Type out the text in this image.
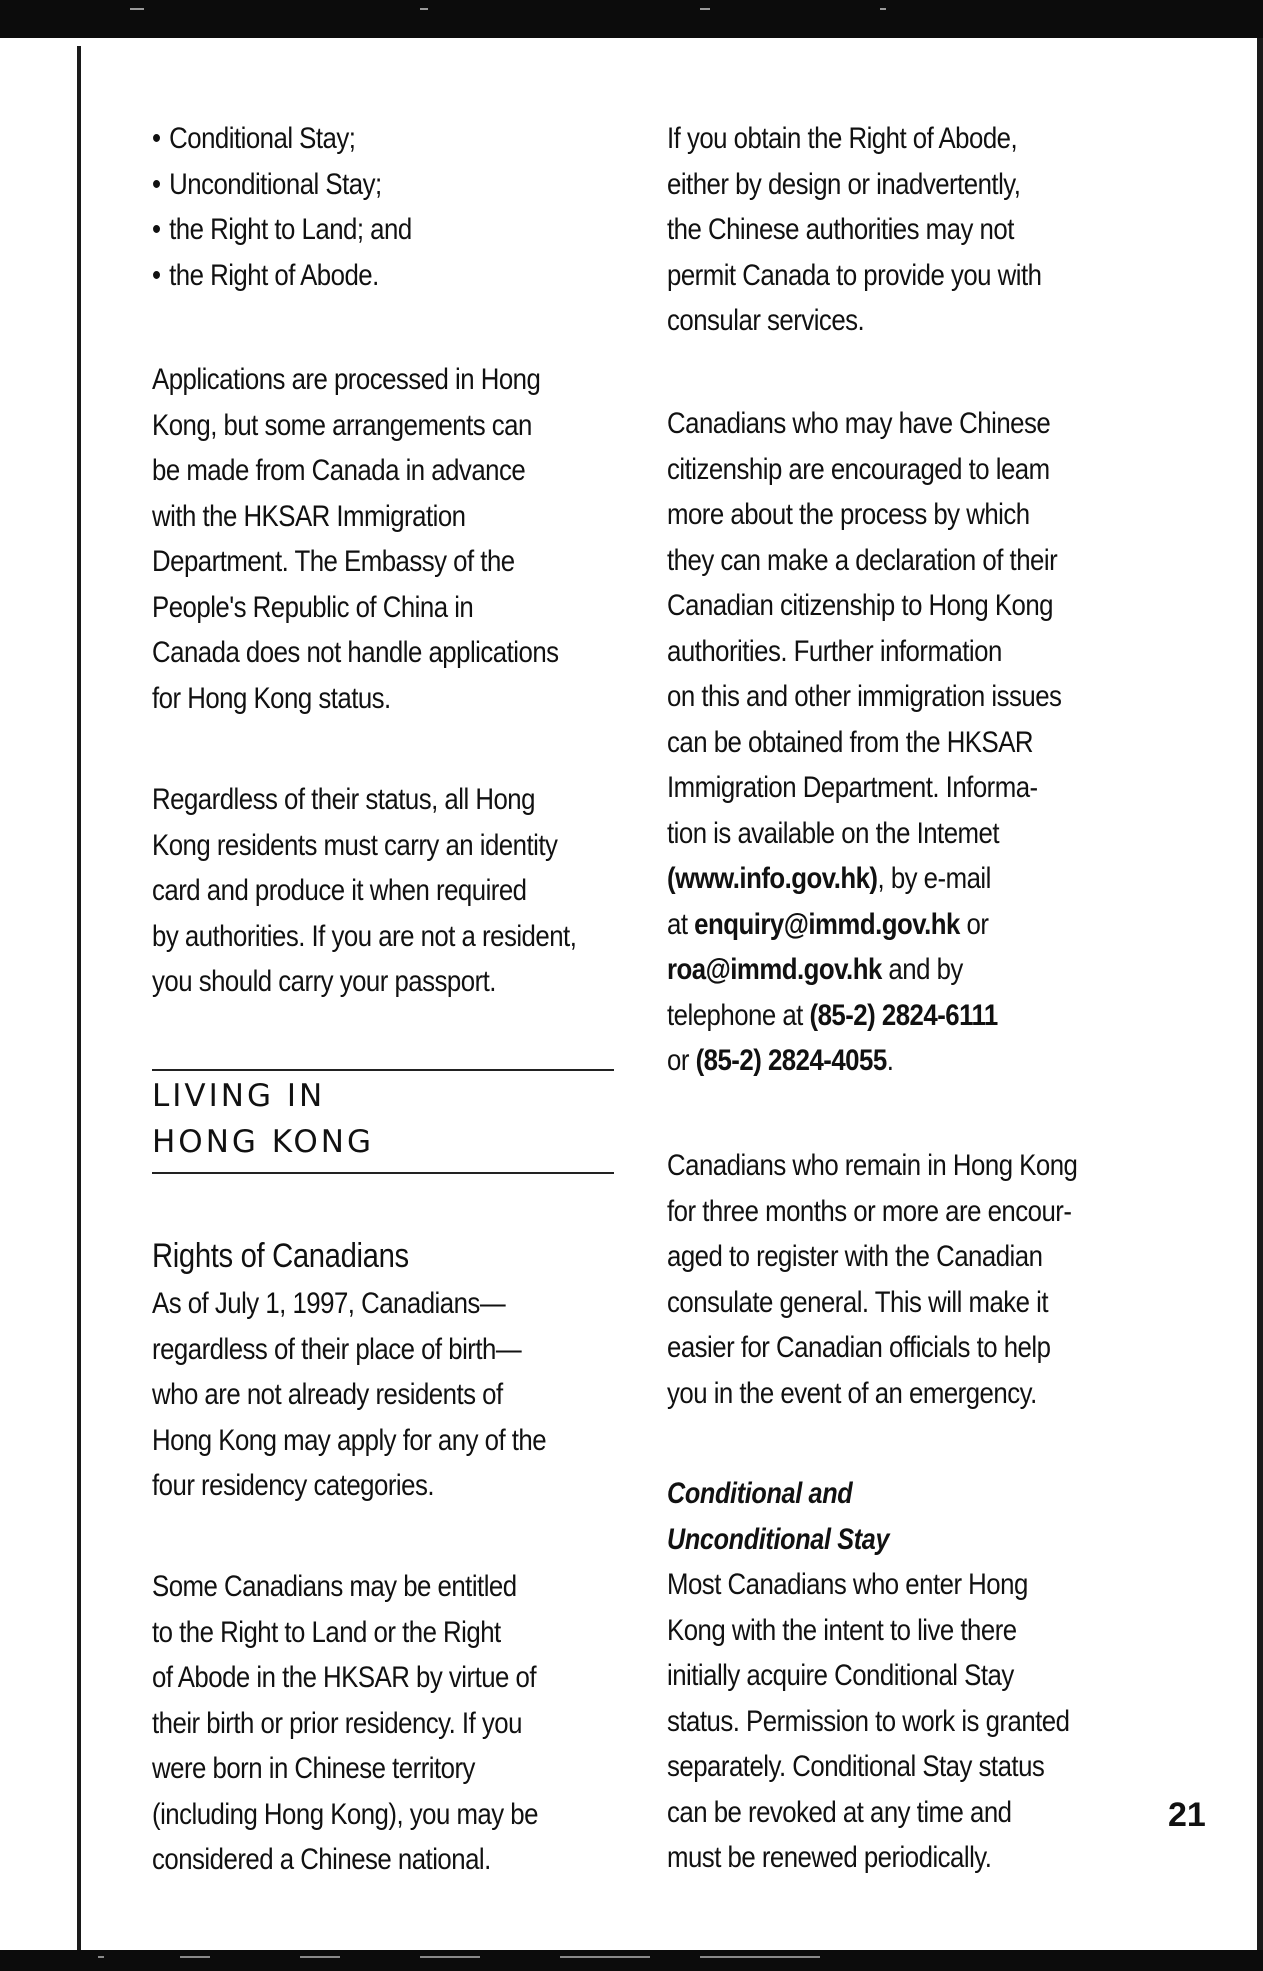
• Conditional Stay;
• Unconditional Stay;
• the Right to Land; and
• the Right of Abode.
Applications are processed in Hong
Kong, but some arrangements can
be made from Canada in advance
with the HKSAR Immigration
Department. The Embassy of the
People's Republic of China in
Canada does not handle applications
for Hong Kong status.
Regardless of their status, all Hong
Kong residents must carry an identity
card and produce it when required
by authorities. If you are not a resident,
you should carry your passport.
LIVING IN
HONG KONG
Rights of Canadians
As of July 1, 1997, Canadians—
regardless of their place of birth—
who are not already residents of
Hong Kong may apply for any of the
four residency categories.
Some Canadians may be entitled
to the Right to Land or the Right
of Abode in the HKSAR by virtue of
their birth or prior residency. If you
were born in Chinese territory
(including Hong Kong), you may be
considered a Chinese national.
If you obtain the Right of Abode,
either by design or inadvertently,
the Chinese authorities may not
permit Canada to provide you with
consular services.
Canadians who may have Chinese
citizenship are encouraged to leam
more about the process by which
they can make a declaration of their
Canadian citizenship to Hong Kong
authorities. Further information
on this and other immigration issues
can be obtained from the HKSAR
Immigration Department. Informa-
tion is available on the Intemet
(www.info.gov.hk), by e-mail
at enquiry@immd.gov.hk or
roa@immd.gov.hk and by
telephone at (85-2) 2824-6111
or (85-2) 2824-4055.
Canadians who remain in Hong Kong
for three months or more are encour-
aged to register with the Canadian
consulate general. This will make it
easier for Canadian officials to help
you in the event of an emergency.
Conditional and
Unconditional Stay
Most Canadians who enter Hong
Kong with the intent to live there
initially acquire Conditional Stay
status. Permission to work is granted
separately. Conditional Stay status
can be revoked at any time and
must be renewed periodically.
21
